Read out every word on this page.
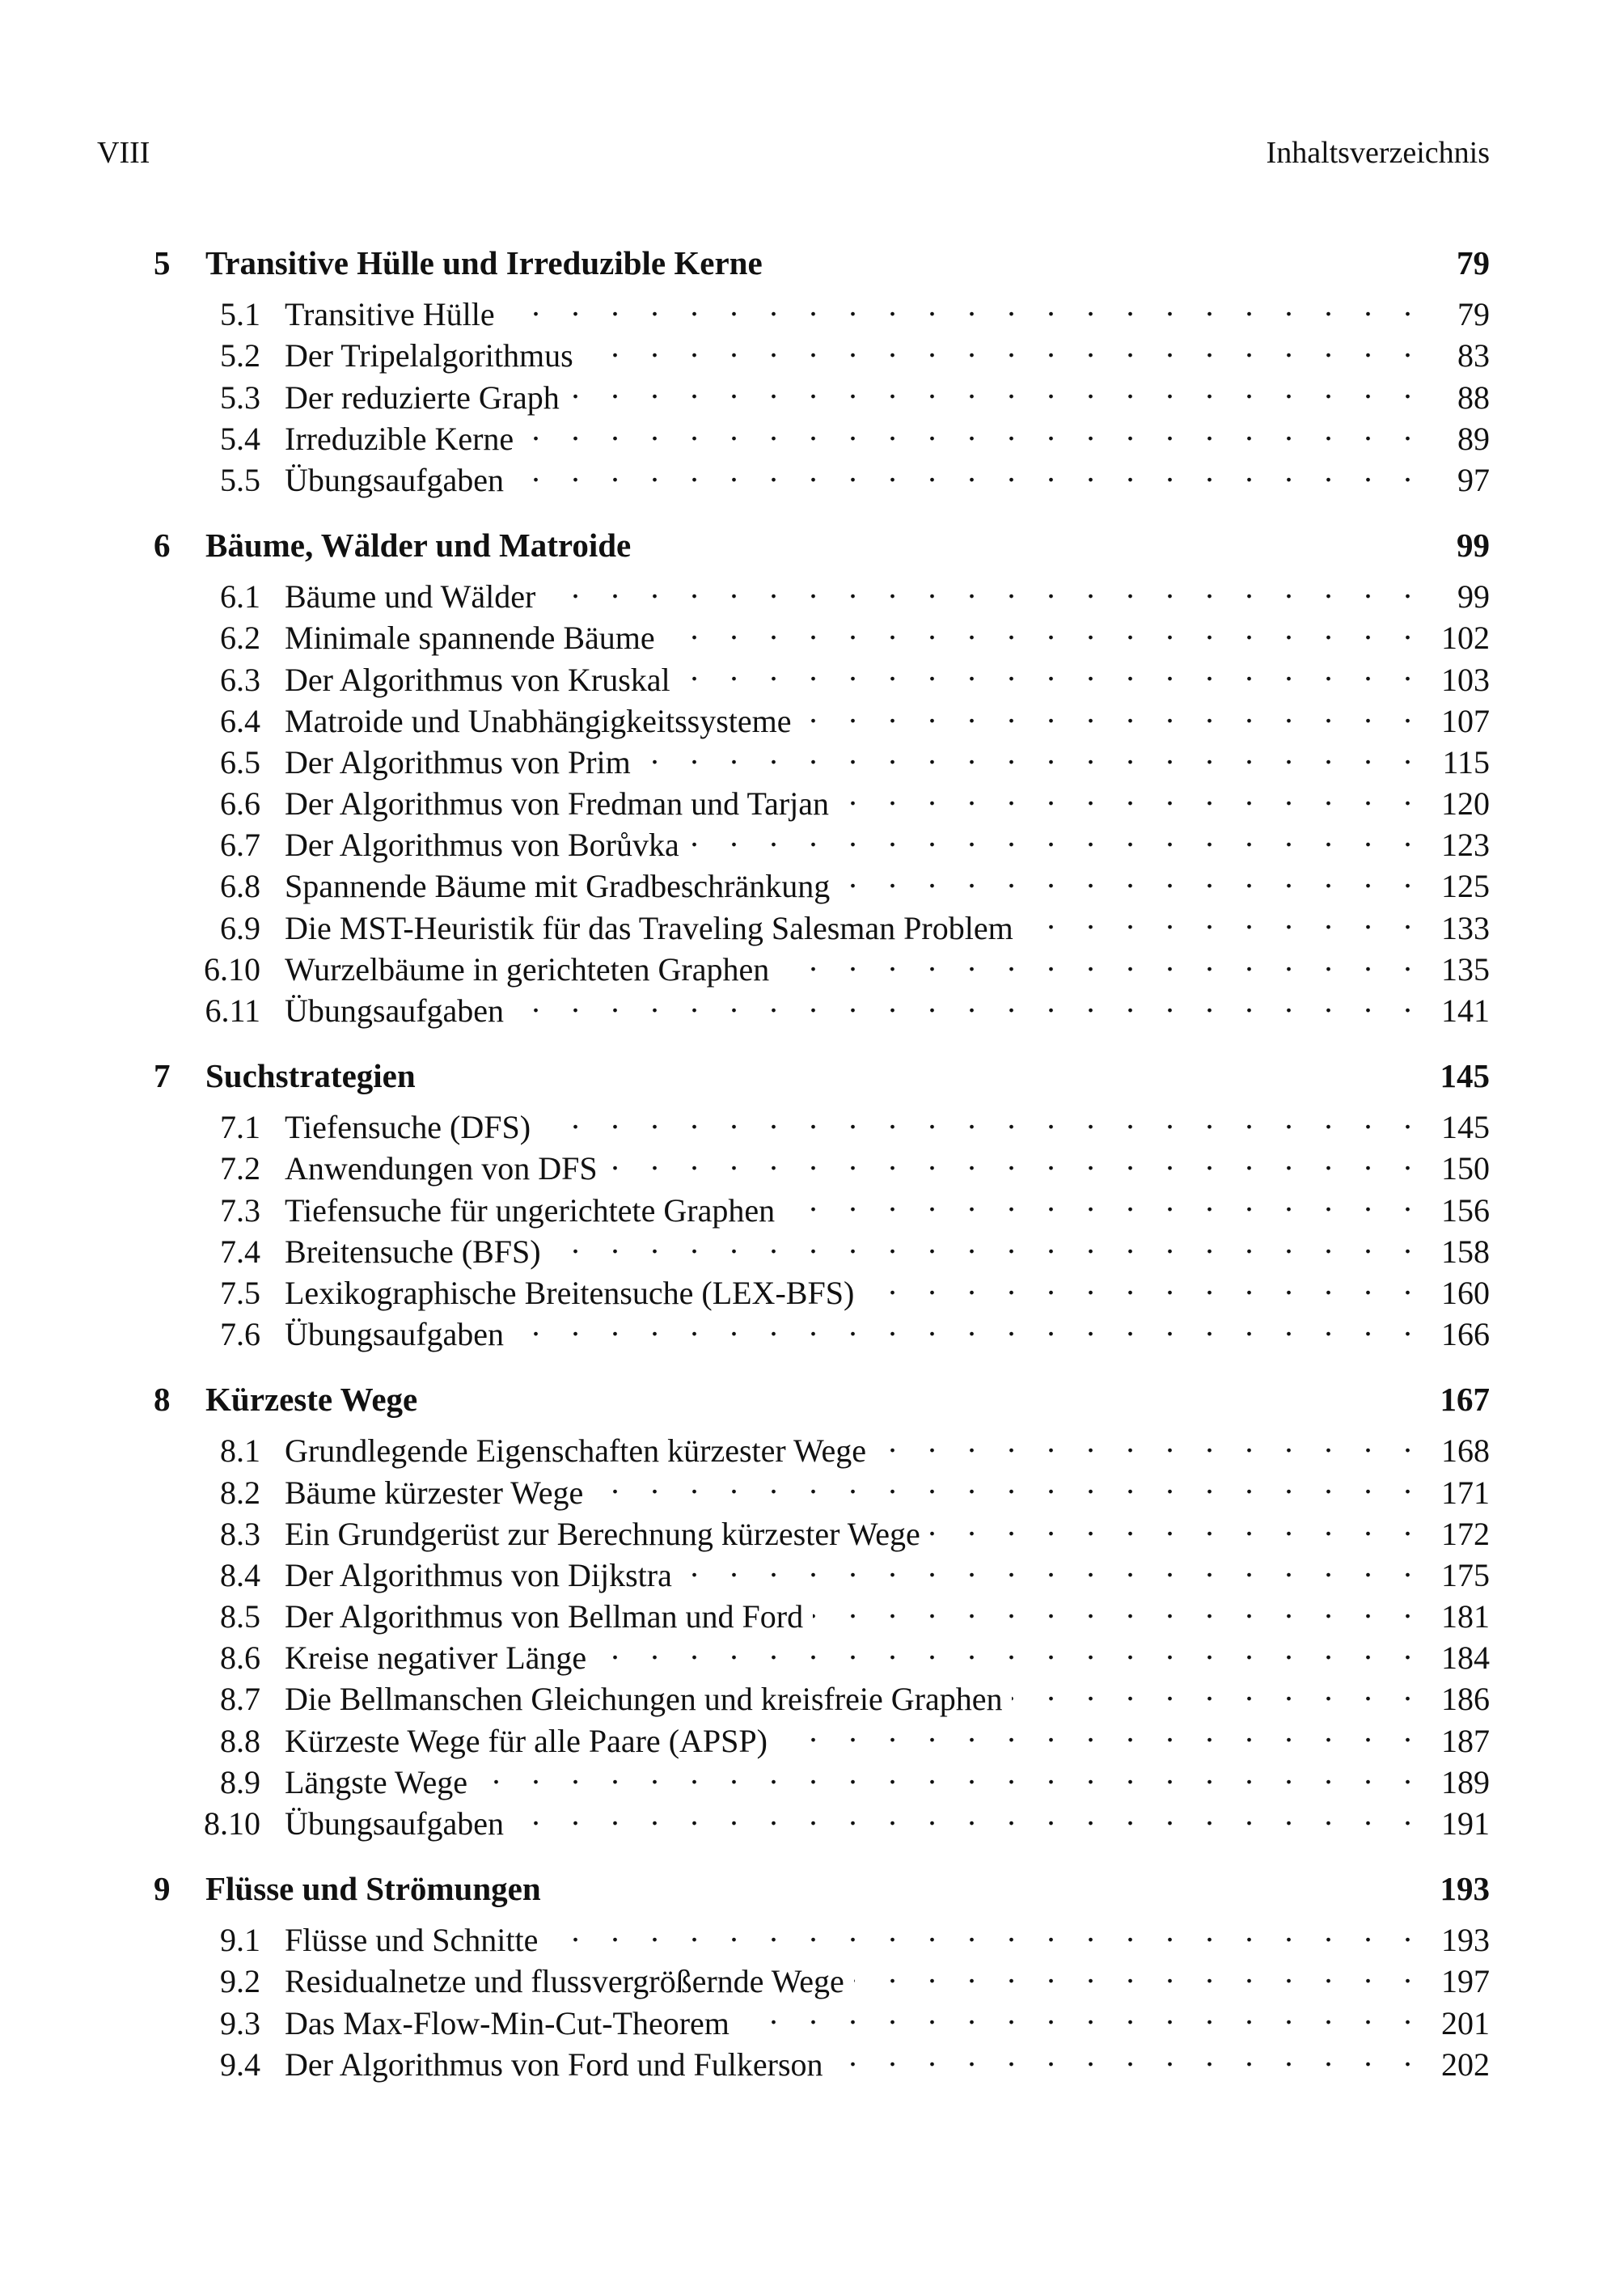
VIII	Inhaltsverzeichnis
5	Transitive Hülle und Irreduzible Kerne	79
5.1 Transitive Hülle . . .	79
5.2 Der Tripelalgorithmus . . .	83
5.3 Der reduzierte Graph . . .	88
5.4 Irreduzible Kerne . . .	89
5.5 Übungsaufgaben . . .	97
6	Bäume, Wälder und Matroide	99
6.1 Bäume und Wälder . . .	99
6.2 Minimale spannende Bäume . . .	102
6.3 Der Algorithmus von Kruskal . . .	103
6.4 Matroide und Unabhängigkeitssysteme . . .	107
6.5 Der Algorithmus von Prim . . .	115
6.6 Der Algorithmus von Fredman und Tarjan . . .	120
6.7 Der Algorithmus von Borůvka . . .	123
6.8 Spannende Bäume mit Gradbeschränkung . . .	125
6.9 Die MST-Heuristik für das Traveling Salesman Problem . . .	133
6.10 Wurzelbäume in gerichteten Graphen . . .	135
6.11 Übungsaufgaben . . .	141
7	Suchstrategien	145
7.1 Tiefensuche (DFS) . . .	145
7.2 Anwendungen von DFS . . .	150
7.3 Tiefensuche für ungerichtete Graphen . . .	156
7.4 Breitensuche (BFS) . . .	158
7.5 Lexikographische Breitensuche (LEX-BFS) . . .	160
7.6 Übungsaufgaben . . .	166
8	Kürzeste Wege	167
8.1 Grundlegende Eigenschaften kürzester Wege . . .	168
8.2 Bäume kürzester Wege . . .	171
8.3 Ein Grundgerüst zur Berechnung kürzester Wege . . .	172
8.4 Der Algorithmus von Dijkstra . . .	175
8.5 Der Algorithmus von Bellman und Ford . . .	181
8.6 Kreise negativer Länge . . .	184
8.7 Die Bellmanschen Gleichungen und kreisfreie Graphen . . .	186
8.8 Kürzeste Wege für alle Paare (APSP) . . .	187
8.9 Längste Wege . . .	189
8.10 Übungsaufgaben . . .	191
9	Flüsse und Strömungen	193
9.1 Flüsse und Schnitte . . .	193
9.2 Residualnetze und flussvergrößernde Wege . . .	197
9.3 Das Max-Flow-Min-Cut-Theorem . . .	201
9.4 Der Algorithmus von Ford und Fulkerson . . .	202
